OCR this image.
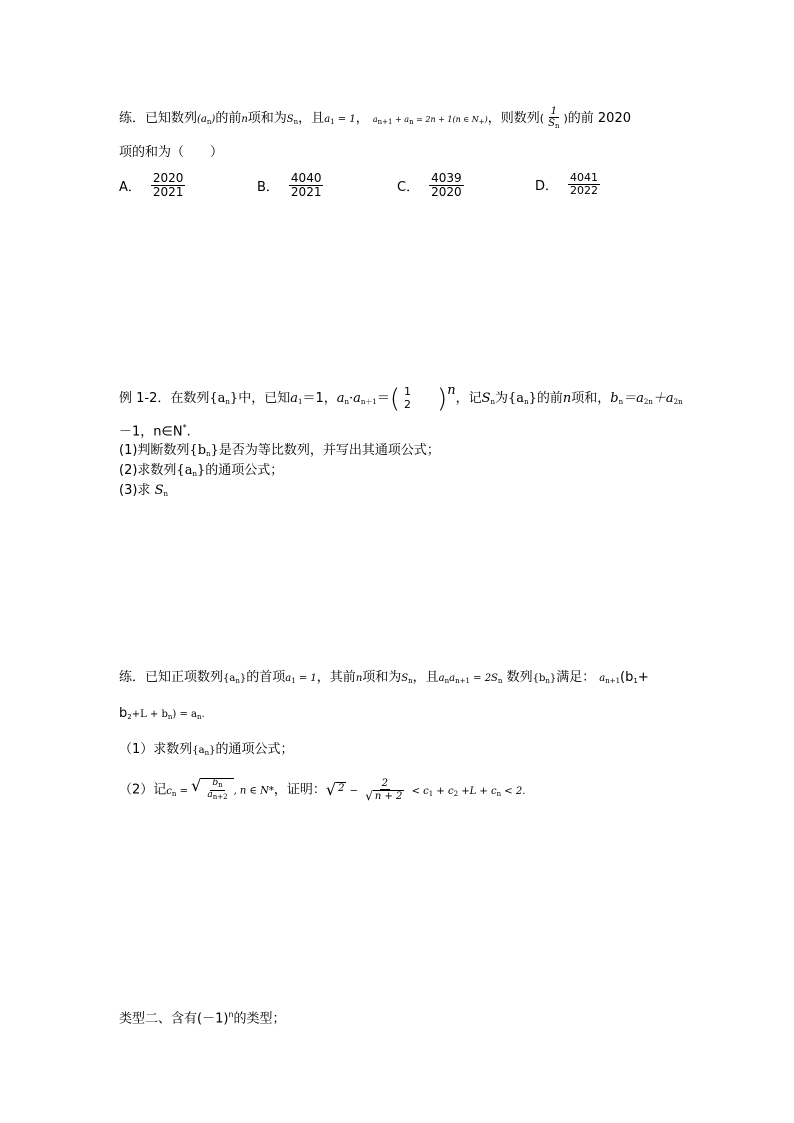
练．已知数列$(a_n)$的前n项和为$S_n$，且$a_1 = 1$， an+1 + an = 2n + 1(n ∈ N+)，则数列( $\frac{1}{S_n}$ )的前 2020
项的和为（　　）
A． $\frac{2020}{2021}$	B． $\frac{4040}{2021}$	C． $\frac{4039}{2020}$	D． $\frac{4041}{2022}$
例 1-2．在数列$\{a_n\}$中，已知$a_1=1$，$a_n\cdot a_{n+1}=$( 1
2 )n，记$S_n$为$\{a_n\}$的前n项和，$b_n=a_{2n}+a_{2n}$
－1，n∈N*.
(1)判断数列$\{b_n\}$是否为等比数列，并写出其通项公式；
(2)求数列$\{a_n\}$的通项公式；
(3)求 $S_n$
练．已知正项数列$\{a_n\}$的首项$a_1 = 1$，其前n项和为$S_n$，且$a_na_{n+1} = 2S_n$ 数列$\{b_n\}$满足： $a_{n+1}(b_1+$
$b_2+L + b_n) = a_n$.
（1）求数列$\{a_n\}$的通项公式；
（2）记$c_n$ = √ $\frac{b_n}{a_{n+2}}$ , n ∈ N*，证明： √ $2 - \frac{2}{√ n + 2} < c_1 + c_2 +L + c_n < 2$.
类型二、含有$(-1)^n$的类型；
